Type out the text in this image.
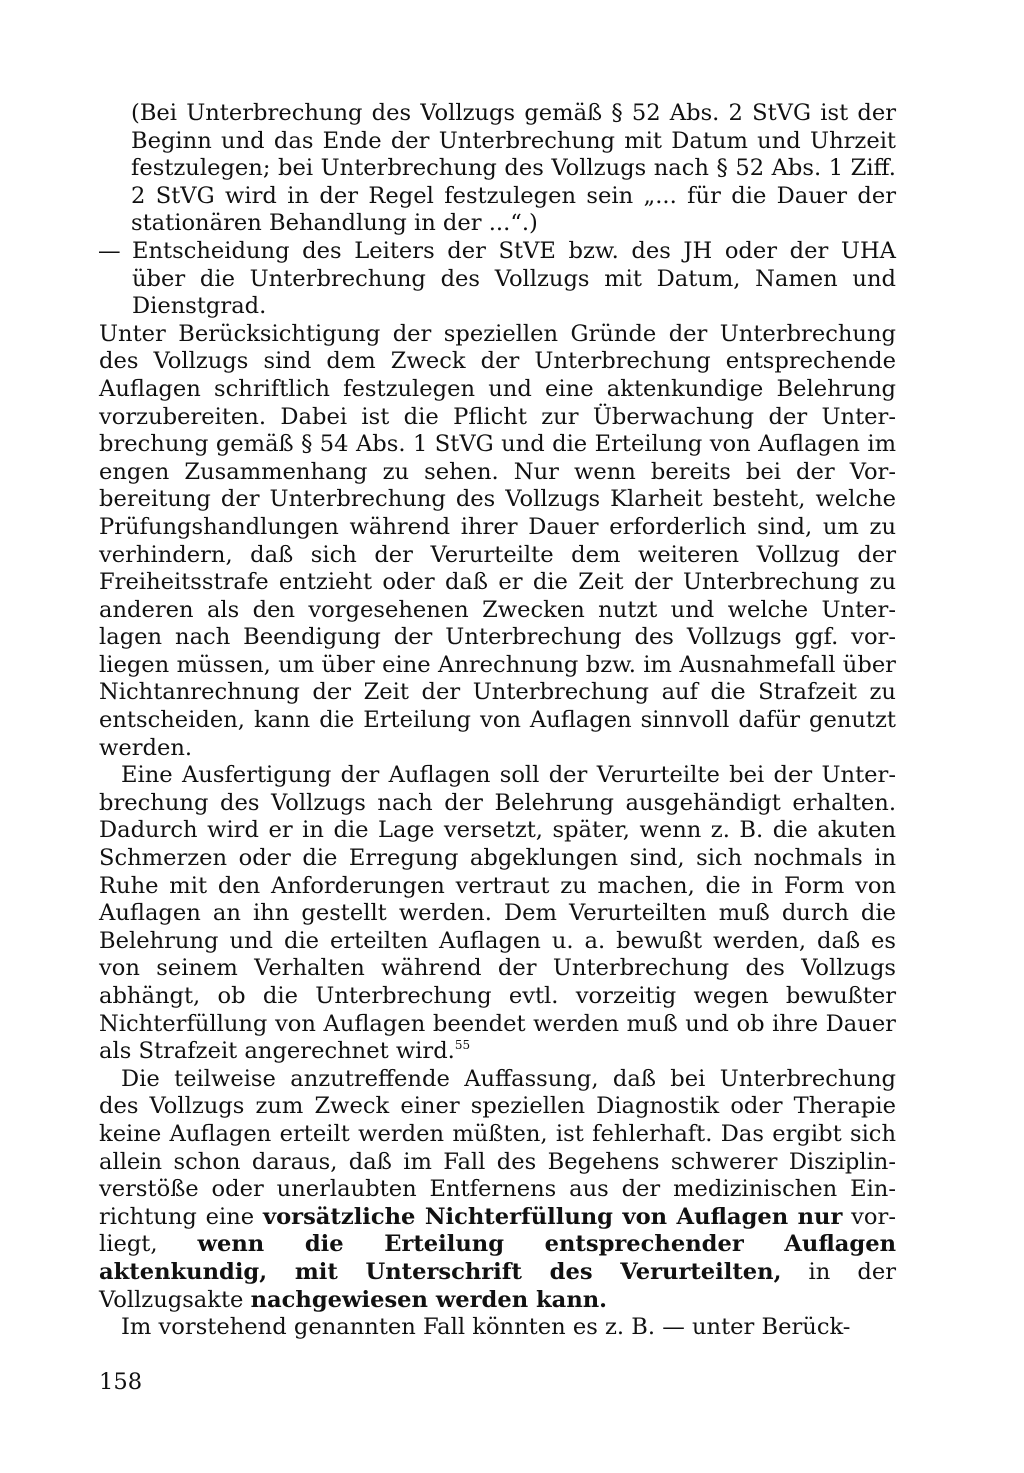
(Bei Unterbrechung des Vollzugs gemäß § 52 Abs. 2 StVG ist der Beginn und das Ende der Unterbrechung mit Datum und Uhrzeit festzulegen; bei Unterbrechung des Vollzugs nach § 52 Abs. 1 Ziff. 2 StVG wird in der Regel festzulegen sein „... für die Dauer der stationären Behandlung in der ...“.)

— Entscheidung des Leiters der StVE bzw. des JH oder der UHA über die Unterbrechung des Vollzugs mit Datum, Namen und Dienstgrad.

Unter Berücksichtigung der speziellen Gründe der Unterbrechung des Vollzugs sind dem Zweck der Unterbrechung entsprechende Auflagen schriftlich festzulegen und eine aktenkundige Belehrung vorzubereiten. Dabei ist die Pflicht zur Überwachung der Unterbrechung gemäß § 54 Abs. 1 StVG und die Erteilung von Auflagen im engen Zusammenhang zu sehen. Nur wenn bereits bei der Vorbereitung der Unterbrechung des Vollzugs Klarheit besteht, welche Prüfungshandlungen während ihrer Dauer erforderlich sind, um zu verhindern, daß sich der Verurteilte dem weiteren Vollzug der Freiheitsstrafe entzieht oder daß er die Zeit der Unterbrechung zu anderen als den vorgesehenen Zwecken nutzt und welche Unterlagen nach Beendigung der Unterbrechung des Vollzugs ggf. vorliegen müssen, um über eine Anrechnung bzw. im Ausnahmefall über Nichtanrechnung der Zeit der Unterbrechung auf die Strafzeit zu entscheiden, kann die Erteilung von Auflagen sinnvoll dafür genutzt werden.

Eine Ausfertigung der Auflagen soll der Verurteilte bei der Unterbrechung des Vollzugs nach der Belehrung ausgehändigt erhalten. Dadurch wird er in die Lage versetzt, später, wenn z. B. die akuten Schmerzen oder die Erregung abgeklungen sind, sich nochmals in Ruhe mit den Anforderungen vertraut zu machen, die in Form von Auflagen an ihn gestellt werden. Dem Verurteilten muß durch die Belehrung und die erteilten Auflagen u. a. bewußt werden, daß es von seinem Verhalten während der Unterbrechung des Vollzugs abhängt, ob die Unterbrechung evtl. vorzeitig wegen bewußter Nichterfüllung von Auflagen beendet werden muß und ob ihre Dauer als Strafzeit angerechnet wird.$^{55}$

Die teilweise anzutreffende Auffassung, daß bei Unterbrechung des Vollzugs zum Zweck einer speziellen Diagnostik oder Therapie keine Auflagen erteilt werden müßten, ist fehlerhaft. Das ergibt sich allein schon daraus, daß im Fall des Begehens schwerer Disziplinverstöße oder unerlaubten Entfernens aus der medizinischen Einrichtung eine vorsätzliche Nichterfüllung von Auflagen nur vorliegt, wenn die Erteilung entsprechender Auflagen aktenkundig, mit Unterschrift des Verurteilten, in der Vollzugsakte nachgewiesen werden kann.

Im vorstehend genannten Fall könnten es z. B. — unter Berück-

158
